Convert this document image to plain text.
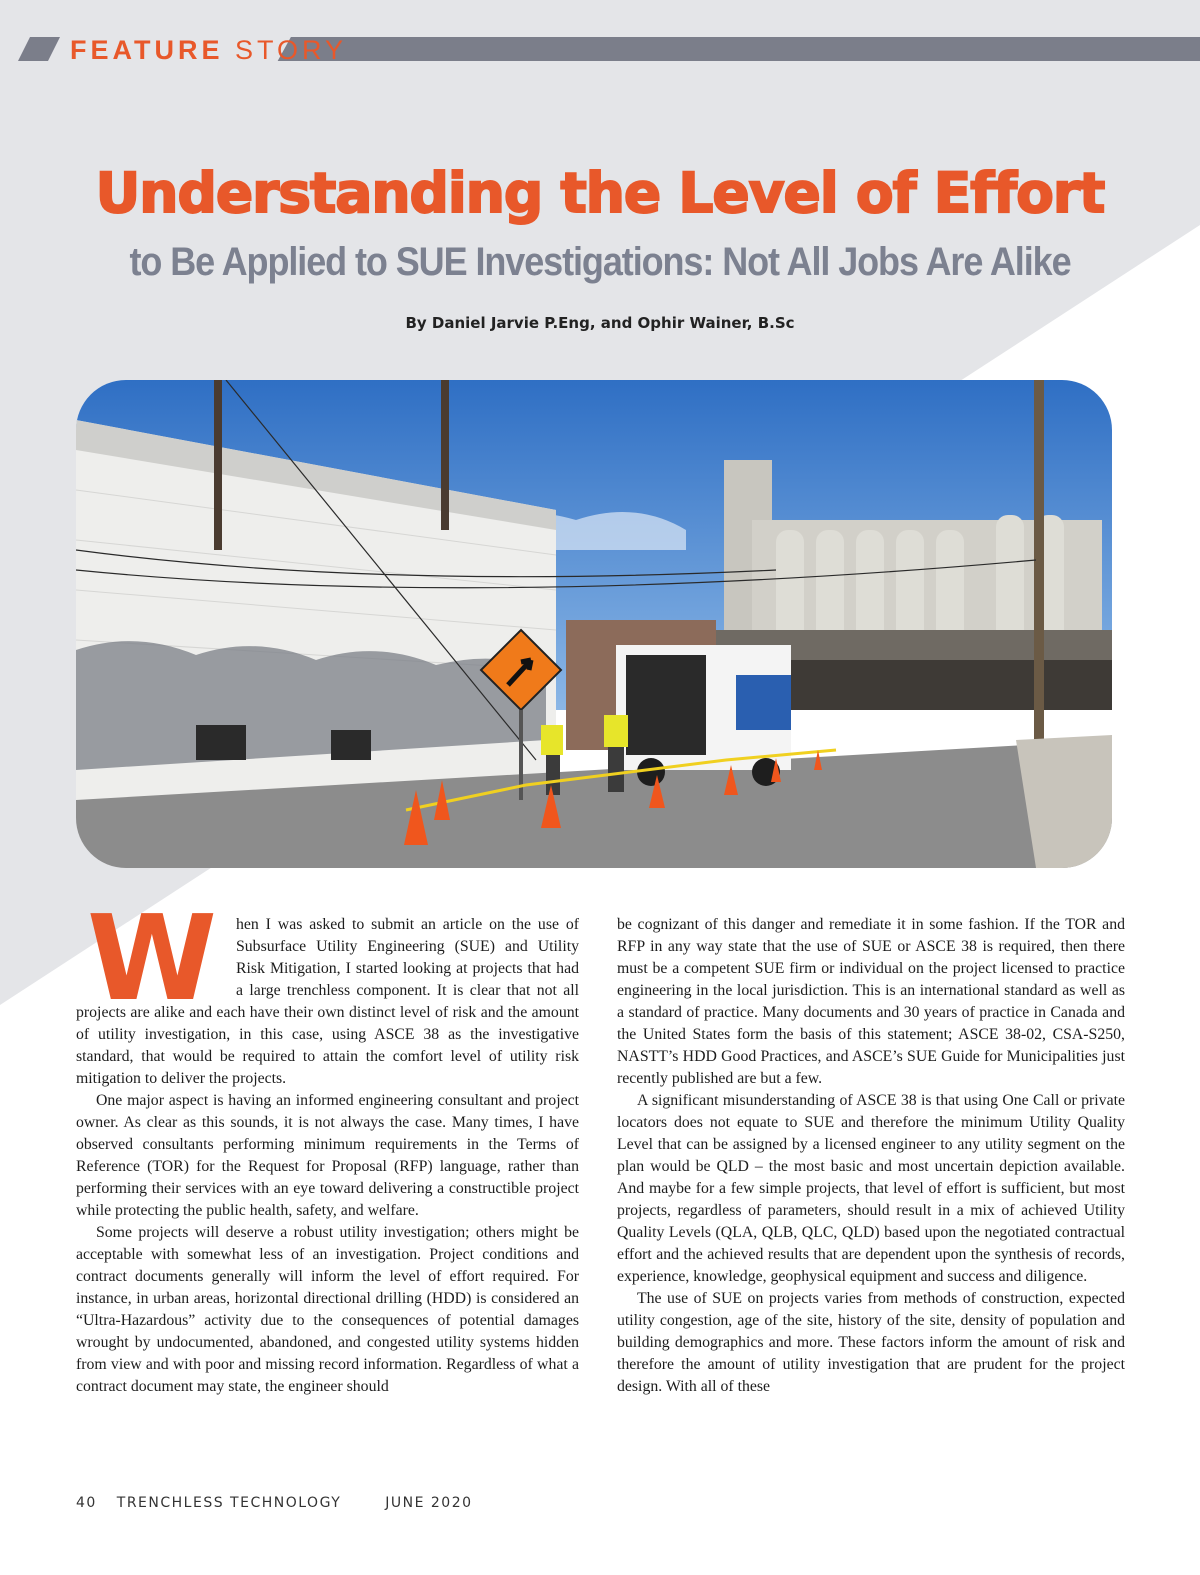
FEATURE STORY
Understanding the Level of Effort
to Be Applied to SUE Investigations: Not All Jobs Are Alike
By Daniel Jarvie P.Eng, and Ophir Wainer, B.Sc

W	hen I was asked to submit an article on the use of Subsurface Utility Engineering (SUE) and Utility Risk Mitigation, I started looking at projects that had a large trenchless component. It is clear that not all projects are alike and each have their own distinct level of risk and the amount of utility investigation, in this case, using ASCE 38 as the investigative standard, that would be required to attain the comfort level of utility risk mitigation to deliver the projects.

One major aspect is having an informed engineering consultant and project owner. As clear as this sounds, it is not always the case. Many times, I have observed consultants performing minimum requirements in the Terms of Reference (TOR) for the Request for Proposal (RFP) language, rather than performing their services with an eye toward delivering a constructible project while protecting the public health, safety, and welfare.

Some projects will deserve a robust utility investigation; others might be acceptable with somewhat less of an investigation. Project conditions and contract documents generally will inform the level of effort required. For instance, in urban areas, horizontal directional drilling (HDD) is considered an “Ultra-Hazardous” activity due to the consequences of potential damages wrought by undocumented, abandoned, and congested utility systems hidden from view and with poor and missing record information. Regardless of what a contract document may state, the engineer should

be cognizant of this danger and remediate it in some fashion. If the TOR and RFP in any way state that the use of SUE or ASCE 38 is required, then there must be a competent SUE firm or individual on the project licensed to practice engineering in the local jurisdiction. This is an international standard as well as a standard of practice. Many documents and 30 years of practice in Canada and the United States form the basis of this statement; ASCE 38-02, CSA-S250, NASTT’s HDD Good Practices, and ASCE’s SUE Guide for Municipalities just recently published are but a few.

A significant misunderstanding of ASCE 38 is that using One Call or private locators does not equate to SUE and therefore the minimum Utility Quality Level that can be assigned by a licensed engineer to any utility segment on the plan would be QLD – the most basic and most uncertain depiction available. And maybe for a few simple projects, that level of effort is sufficient, but most projects, regardless of parameters, should result in a mix of achieved Utility Quality Levels (QLA, QLB, QLC, QLD) based upon the negotiated contractual effort and the achieved results that are dependent upon the synthesis of records, experience, knowledge, geophysical equipment and success and diligence.

The use of SUE on projects varies from methods of construction, expected utility congestion, age of the site, history of the site, density of population and building demographics and more. These factors inform the amount of risk and therefore the amount of utility investigation that are prudent for the project design. With all of these

40 TRENCHLESS TECHNOLOGY	JUNE 2020
